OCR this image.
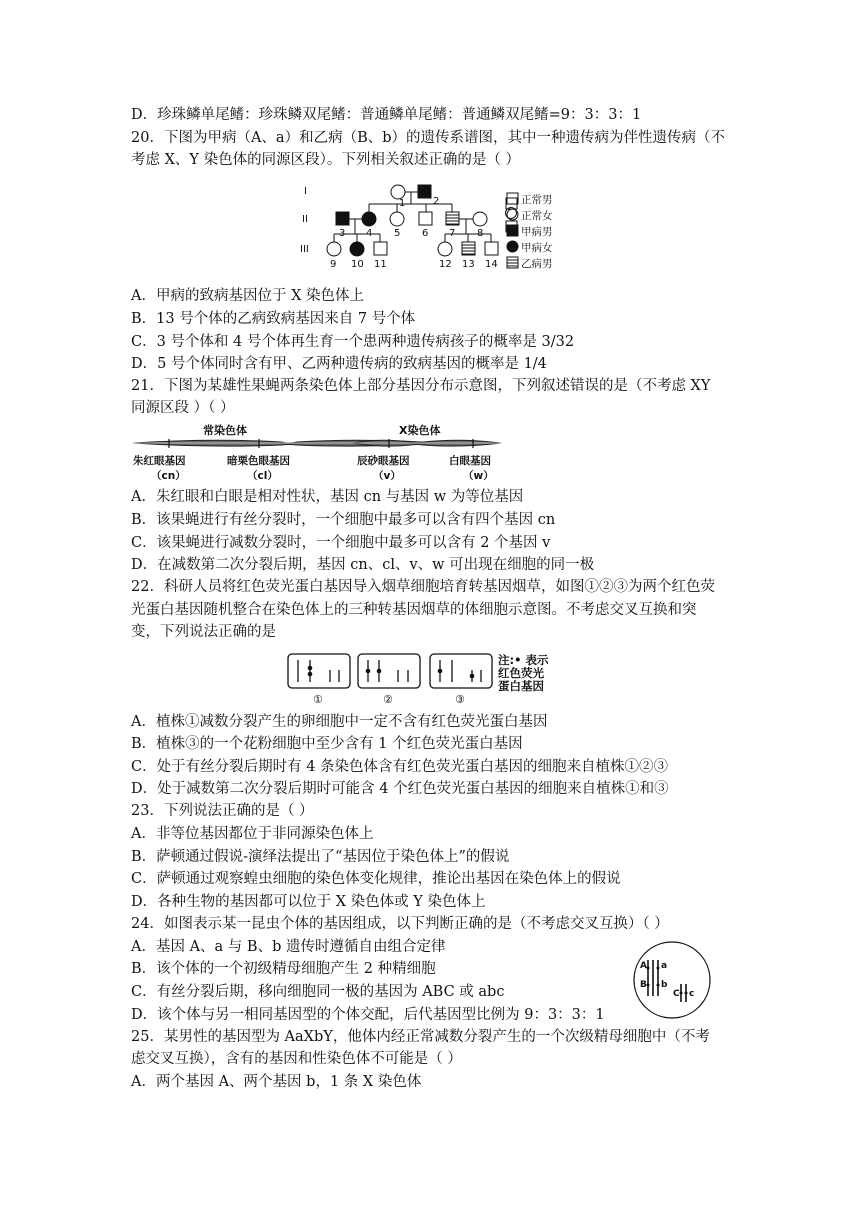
D．珍珠鳞单尾鳍：珍珠鳞双尾鳍：普通鳞单尾鳍：普通鳞双尾鳍=9：3：3：1
20．下图为甲病（A、a）和乙病（B、b）的遗传系谱图，其中一种遗传病为伴性遗传病（不
考虑 X、Y 染色体的同源区段）。下列相关叙述正确的是（ ）
A．甲病的致病基因位于 X 染色体上
B．13 号个体的乙病致病基因来自 7 号个体
C．3 号个体和 4 号个体再生育一个患两种遗传病孩子的概率是 3/32
D．5 号个体同时含有甲、乙两种遗传病的致病基因的概率是 1/4
21．下图为某雄性果蝇两条染色体上部分基因分布示意图，下列叙述错误的是（不考虑 XY
同源区段 ）（ ）
A．朱红眼和白眼是相对性状，基因 cn 与基因 w 为等位基因
B．该果蝇进行有丝分裂时，一个细胞中最多可以含有四个基因 cn
C．该果蝇进行减数分裂时，一个细胞中最多可以含有 2 个基因 v
D．在减数第二次分裂后期，基因 cn、cl、v、w 可出现在细胞的同一极
22．科研人员将红色荧光蛋白基因导入烟草细胞培育转基因烟草，如图①②③为两个红色荧
光蛋白基因随机整合在染色体上的三种转基因烟草的体细胞示意图。不考虑交叉互换和突
变，下列说法正确的是
A．植株①减数分裂产生的卵细胞中一定不含有红色荧光蛋白基因
B．植株③的一个花粉细胞中至少含有 1 个红色荧光蛋白基因
C．处于有丝分裂后期时有 4 条染色体含有红色荧光蛋白基因的细胞来自植株①②③
D．处于减数第二次分裂后期时可能含 4 个红色荧光蛋白基因的细胞来自植株①和③
23．下列说法正确的是（ ）
A．非等位基因都位于非同源染色体上
B．萨顿通过假说-演绎法提出了“基因位于染色体上”的假说
C．萨顿通过观察蝗虫细胞的染色体变化规律，推论出基因在染色体上的假说
D．各种生物的基因都可以位于 X 染色体或 Y 染色体上
24．如图表示某一昆虫个体的基因组成，以下判断正确的是（不考虑交叉互换）（ ）
A．基因 A、a 与 B、b 遗传时遵循自由组合定律
B．该个体的一个初级精母细胞产生 2 种精细胞
C．有丝分裂后期，移向细胞同一极的基因为 ABC 或 abc
D．该个体与另一相同基因型的个体交配，后代基因型比例为 9：3：3：1
25．某男性的基因型为 AaXbY，他体内经正常减数分裂产生的一个次级精母细胞中（不考
虑交叉互换），含有的基因和性染色体不可能是（ ）
A．两个基因 A、两个基因 b，1 条 X 染色体
I
II
III
1	2
3 4 5 6 7 8
9 10 11	12 13 14
正常男
正常女
甲病男
甲病女
乙病男
常染色体	X染色体
朱红眼基因	暗栗色眼基因	辰砂眼基因	白眼基因
（cn）	（cl）	（v）	（w）
①	②	③
注:• 表示
红色荧光
蛋白基因
A a
B b
C c
